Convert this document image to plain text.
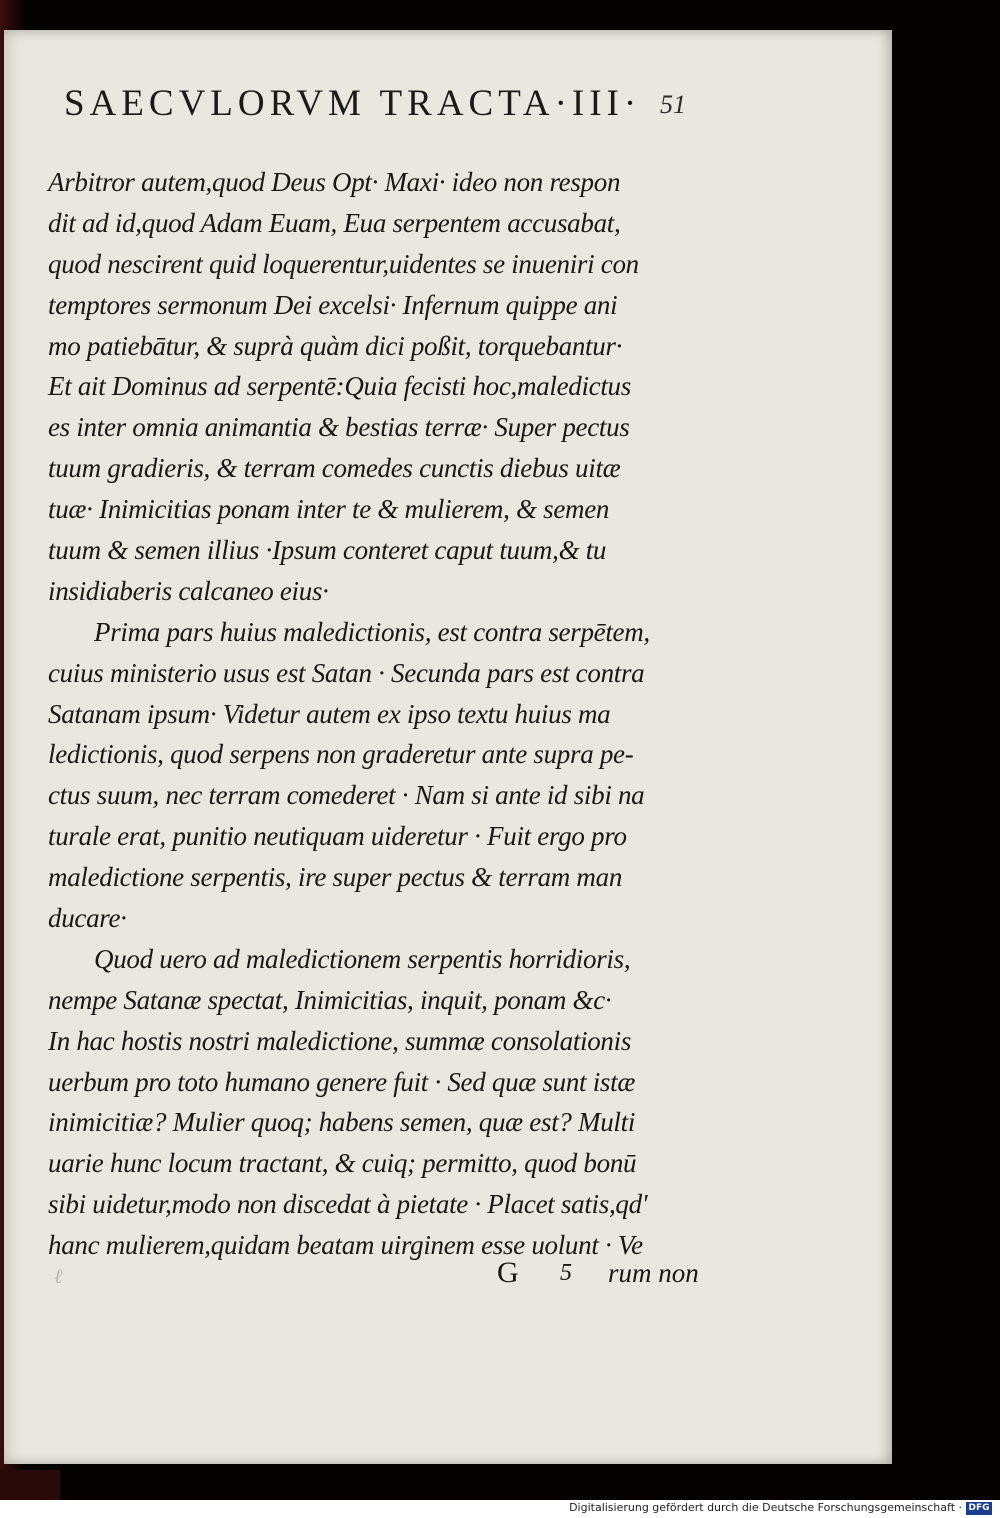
SAECVLORVM TRACTA·III· 51
Arbitror autem,quod Deus Opt· Maxi· ideo non respon
dit ad id,quod Adam Euam, Eua serpentem accusabat,
quod nescirent quid loquerentur,uidentes se inueniri con
temptores sermonum Dei excelsi· Infernum quippe ani
mo patiebātur, & suprà quàm dici poßit, torquebantur·
Et ait Dominus ad serpentē:Quia fecisti hoc,maledictus
es inter omnia animantia & bestias terræ· Super pectus
tuum gradieris, & terram comedes cunctis diebus uitæ
tuæ· Inimicitias ponam inter te & mulierem, & semen
tuum & semen illius ·Ipsum conteret caput tuum,& tu
insidiaberis calcaneo eius·
Prima pars huius maledictionis, est contra serpētem,
cuius ministerio usus est Satan · Secunda pars est contra
Satanam ipsum· Videtur autem ex ipso textu huius ma
ledictionis, quod serpens non graderetur ante supra pe-
ctus suum, nec terram comederet · Nam si ante id sibi na
turale erat, punitio neutiquam uideretur · Fuit ergo pro
maledictione serpentis, ire super pectus & terram man
ducare·
Quod uero ad maledictionem serpentis horridioris,
nempe Satanæ spectat, Inimicitias, inquit, ponam &c·
In hac hostis nostri maledictione, summæ consolationis
uerbum pro toto humano genere fuit · Sed quæ sunt istæ
inimicitiæ? Mulier quoq; habens semen, quæ est? Multi
uarie hunc locum tractant, & cuiq; permitto, quod bonū
sibi uidetur,modo non discedat à pietate · Placet satis,qd'
hanc mulierem,quidam beatam uirginem esse uolunt · Ve
ℓ	G 5 rum non
Digitalisierung gefördert durch die Deutsche Forschungsgemeinschaft · DFG
